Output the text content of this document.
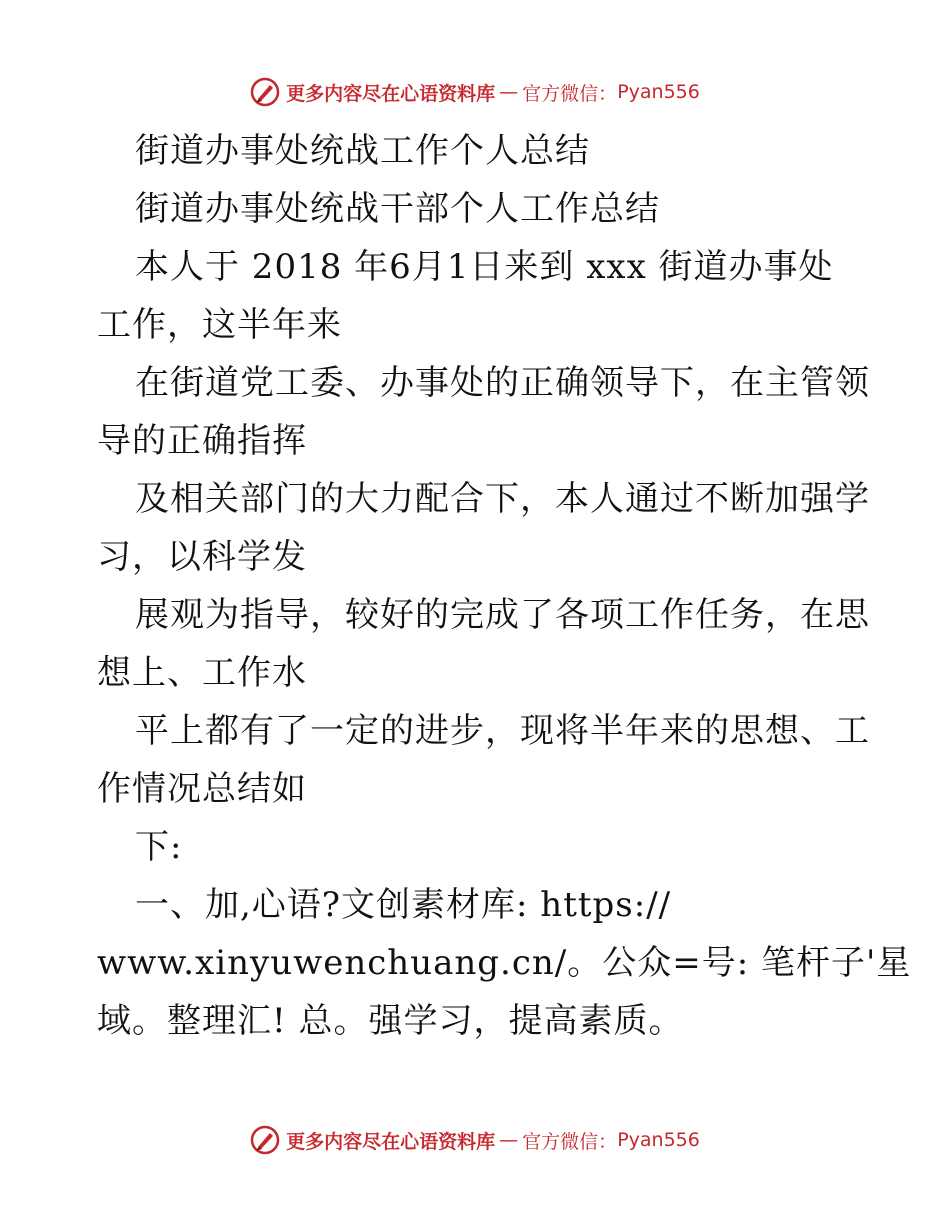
更多内容尽在心语资料库 — 官方微信： Pyan556
街道办事处统战工作个人总结
街道办事处统战干部个人工作总结
本人于 2018 年6月1日来到 xxx 街道办事处
工作，这半年来
在街道党工委、办事处的正确领导下，在主管领
导的正确指挥
及相关部门的大力配合下，本人通过不断加强学
习，以科学发
展观为指导，较好的完成了各项工作任务，在思
想上、工作水
平上都有了一定的进步，现将半年来的思想、工
作情况总结如
下:
一、加,心语?文创素材库: https://
www.xinyuwenchuang.cn/。公众=号: 笔杆子'星
域。整理汇! 总。强学习，提高素质。
更多内容尽在心语资料库 — 官方微信： Pyan556
